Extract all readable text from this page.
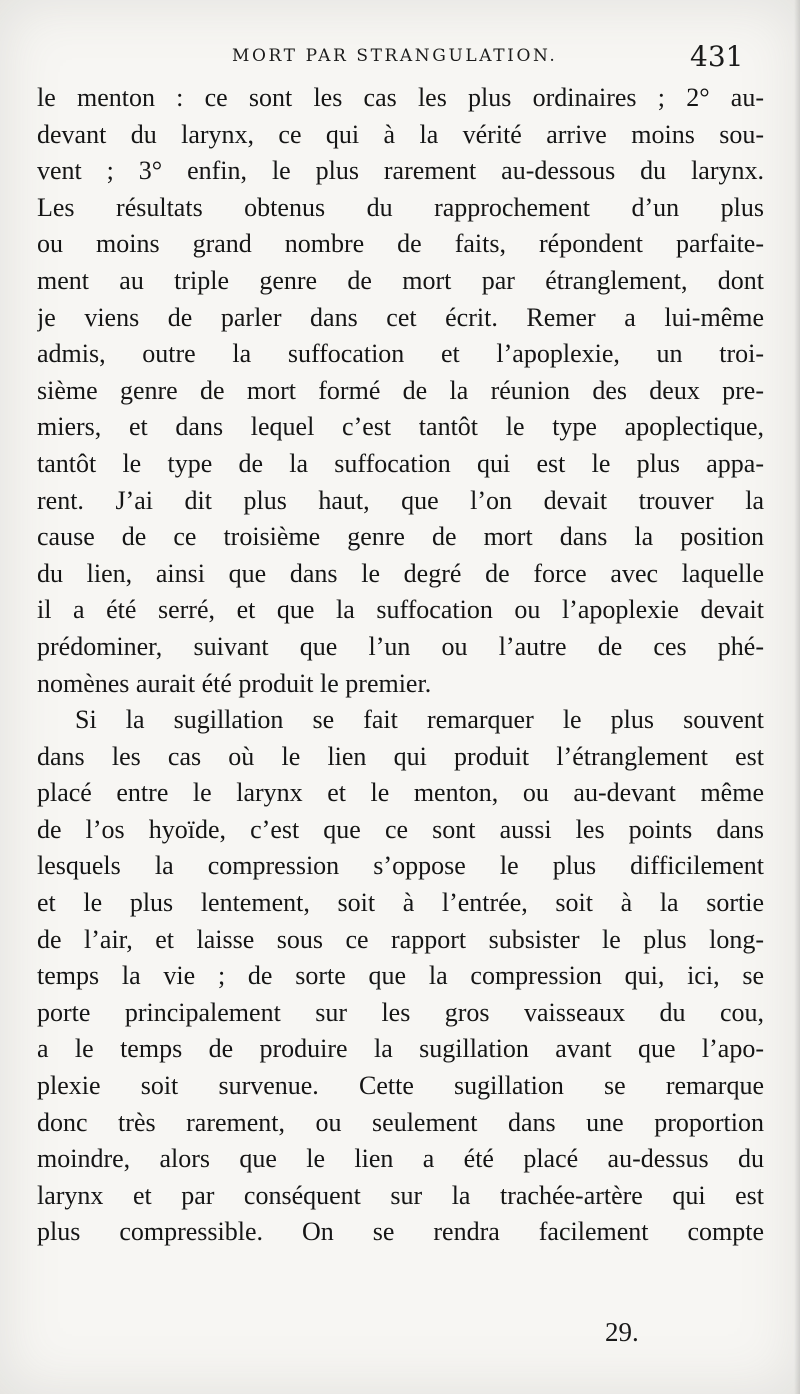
MORT PAR STRANGULATION.	431
le menton : ce sont les cas les plus ordinaires ; 2° au-
devant du larynx, ce qui à la vérité arrive moins sou-
vent ; 3° enfin, le plus rarement au-dessous du larynx.
Les résultats obtenus du rapprochement d’un plus
ou moins grand nombre de faits, répondent parfaite-
ment au triple genre de mort par étranglement, dont
je viens de parler dans cet écrit. Remer a lui-même
admis, outre la suffocation et l’apoplexie, un troi-
sième genre de mort formé de la réunion des deux pre-
miers, et dans lequel c’est tantôt le type apoplectique,
tantôt le type de la suffocation qui est le plus appa-
rent. J’ai dit plus haut, que l’on devait trouver la
cause de ce troisième genre de mort dans la position
du lien, ainsi que dans le degré de force avec laquelle
il a été serré, et que la suffocation ou l’apoplexie devait
prédominer, suivant que l’un ou l’autre de ces phé-
nomènes aurait été produit le premier.
Si la sugillation se fait remarquer le plus souvent
dans les cas où le lien qui produit l’étranglement est
placé entre le larynx et le menton, ou au-devant même
de l’os hyoïde, c’est que ce sont aussi les points dans
lesquels la compression s’oppose le plus difficilement
et le plus lentement, soit à l’entrée, soit à la sortie
de l’air, et laisse sous ce rapport subsister le plus long-
temps la vie ; de sorte que la compression qui, ici, se
porte principalement sur les gros vaisseaux du cou,
a le temps de produire la sugillation avant que l’apo-
plexie soit survenue. Cette sugillation se remarque
donc très rarement, ou seulement dans une proportion
moindre, alors que le lien a été placé au-dessus du
larynx et par conséquent sur la trachée-artère qui est
plus compressible. On se rendra facilement compte
29.
